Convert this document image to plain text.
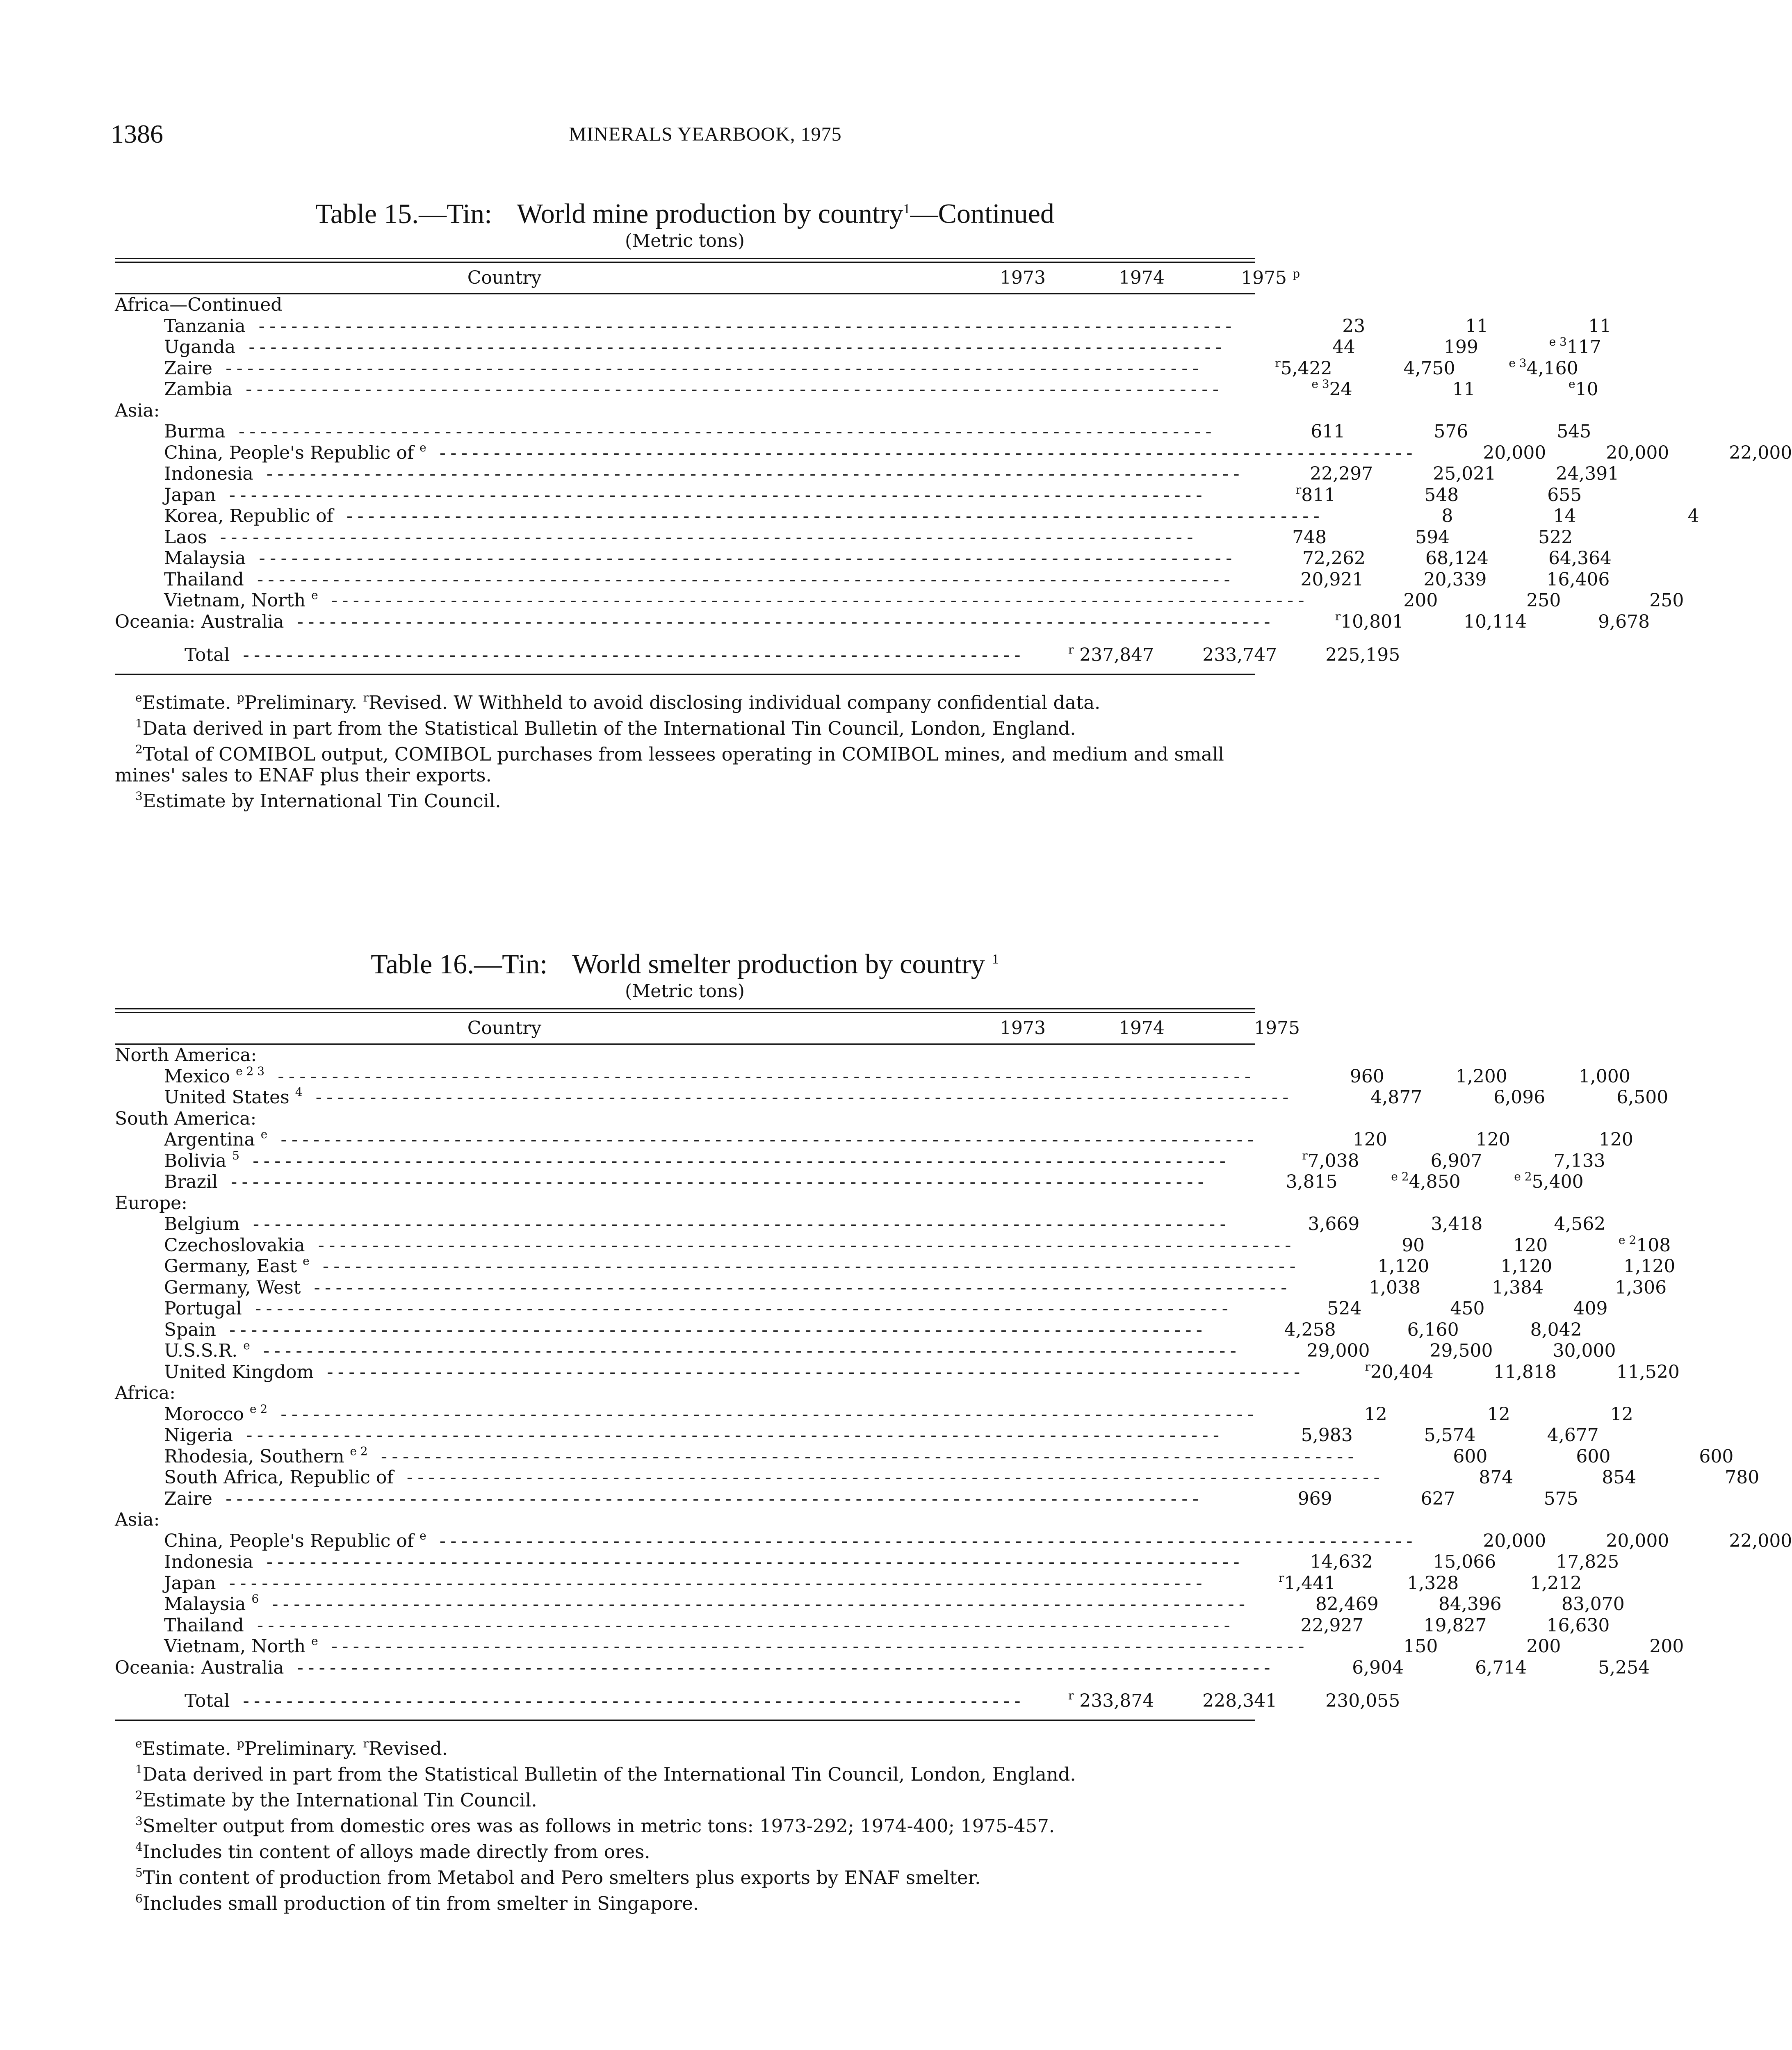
1386	MINERALS YEARBOOK, 1975
Table 15.—Tin: World mine production by country$^1$—Continued
(Metric tons)
Country	1973	1974	1975 $^p$
Africa—Continued
Tanzania ------------------------------------------------------------------------------------------	23	11	11
Uganda ------------------------------------------------------------------------------------------	44	199	$^{e 3}$117
Zaire ------------------------------------------------------------------------------------------	$^r$5,422	4,750	$^{e 3}$4,160
Zambia ------------------------------------------------------------------------------------------	$^{e 3}$24	11	$^e$10
Asia:
Burma ------------------------------------------------------------------------------------------	611	576	545
China, People's Republic of $^e$ ------------------------------------------------------------------------------------------	20,000	20,000	22,000
Indonesia ------------------------------------------------------------------------------------------	22,297	25,021	24,391
Japan ------------------------------------------------------------------------------------------	$^r$811	548	655
Korea, Republic of ------------------------------------------------------------------------------------------	8	14	4
Laos ------------------------------------------------------------------------------------------	748	594	522
Malaysia ------------------------------------------------------------------------------------------	72,262	68,124	64,364
Thailand ------------------------------------------------------------------------------------------	20,921	20,339	16,406
Vietnam, North $^e$ ------------------------------------------------------------------------------------------	200	250	250
Oceania: Australia ------------------------------------------------------------------------------------------	$^r$10,801	10,114	9,678
Total ------------------------------------------------------------------------	$^r$ 237,847	233,747	225,195

$^e$Estimate. $^p$Preliminary. $^r$Revised. W Withheld to avoid disclosing individual company confidential data.

$^1$Data derived in part from the Statistical Bulletin of the International Tin Council, London, England.

$^2$Total of COMIBOL output, COMIBOL purchases from lessees operating in COMIBOL mines, and medium and small mines' sales to ENAF plus their exports.

$^3$Estimate by International Tin Council.

Table 16.—Tin: World smelter production by country $^1$
(Metric tons)
Country	1973	1974	1975
North America:
Mexico $^{e 2 3}$ ------------------------------------------------------------------------------------------	960	1,200	1,000
United States $^4$ ------------------------------------------------------------------------------------------	4,877	6,096	6,500
South America:
Argentina $^e$ ------------------------------------------------------------------------------------------	120	120	120
Bolivia $^5$ ------------------------------------------------------------------------------------------	$^r$7,038	6,907	7,133
Brazil ------------------------------------------------------------------------------------------	3,815	$^{e 2}$4,850	$^{e 2}$5,400
Europe:
Belgium ------------------------------------------------------------------------------------------	3,669	3,418	4,562
Czechoslovakia ------------------------------------------------------------------------------------------	90	120	$^{e 2}$108
Germany, East $^e$ ------------------------------------------------------------------------------------------	1,120	1,120	1,120
Germany, West ------------------------------------------------------------------------------------------	1,038	1,384	1,306
Portugal ------------------------------------------------------------------------------------------	524	450	409
Spain ------------------------------------------------------------------------------------------	4,258	6,160	8,042
U.S.S.R. $^e$ ------------------------------------------------------------------------------------------	29,000	29,500	30,000
United Kingdom ------------------------------------------------------------------------------------------	$^r$20,404	11,818	11,520
Africa:
Morocco $^{e 2}$ ------------------------------------------------------------------------------------------	12	12	12
Nigeria ------------------------------------------------------------------------------------------	5,983	5,574	4,677
Rhodesia, Southern $^{e 2}$ ------------------------------------------------------------------------------------------	600	600	600
South Africa, Republic of ------------------------------------------------------------------------------------------	874	854	780
Zaire ------------------------------------------------------------------------------------------	969	627	575
Asia:
China, People's Republic of $^e$ ------------------------------------------------------------------------------------------	20,000	20,000	22,000
Indonesia ------------------------------------------------------------------------------------------	14,632	15,066	17,825
Japan ------------------------------------------------------------------------------------------	$^r$1,441	1,328	1,212
Malaysia $^6$ ------------------------------------------------------------------------------------------	82,469	84,396	83,070
Thailand ------------------------------------------------------------------------------------------	22,927	19,827	16,630
Vietnam, North $^e$ ------------------------------------------------------------------------------------------	150	200	200
Oceania: Australia ------------------------------------------------------------------------------------------	6,904	6,714	5,254
Total ------------------------------------------------------------------------	$^r$ 233,874	228,341	230,055

$^e$Estimate. $^p$Preliminary. $^r$Revised.

$^1$Data derived in part from the Statistical Bulletin of the International Tin Council, London, England.

$^2$Estimate by the International Tin Council.

$^3$Smelter output from domestic ores was as follows in metric tons: 1973-292; 1974-400; 1975-457.

$^4$Includes tin content of alloys made directly from ores.

$^5$Tin content of production from Metabol and Pero smelters plus exports by ENAF smelter.

$^6$Includes small production of tin from smelter in Singapore.
